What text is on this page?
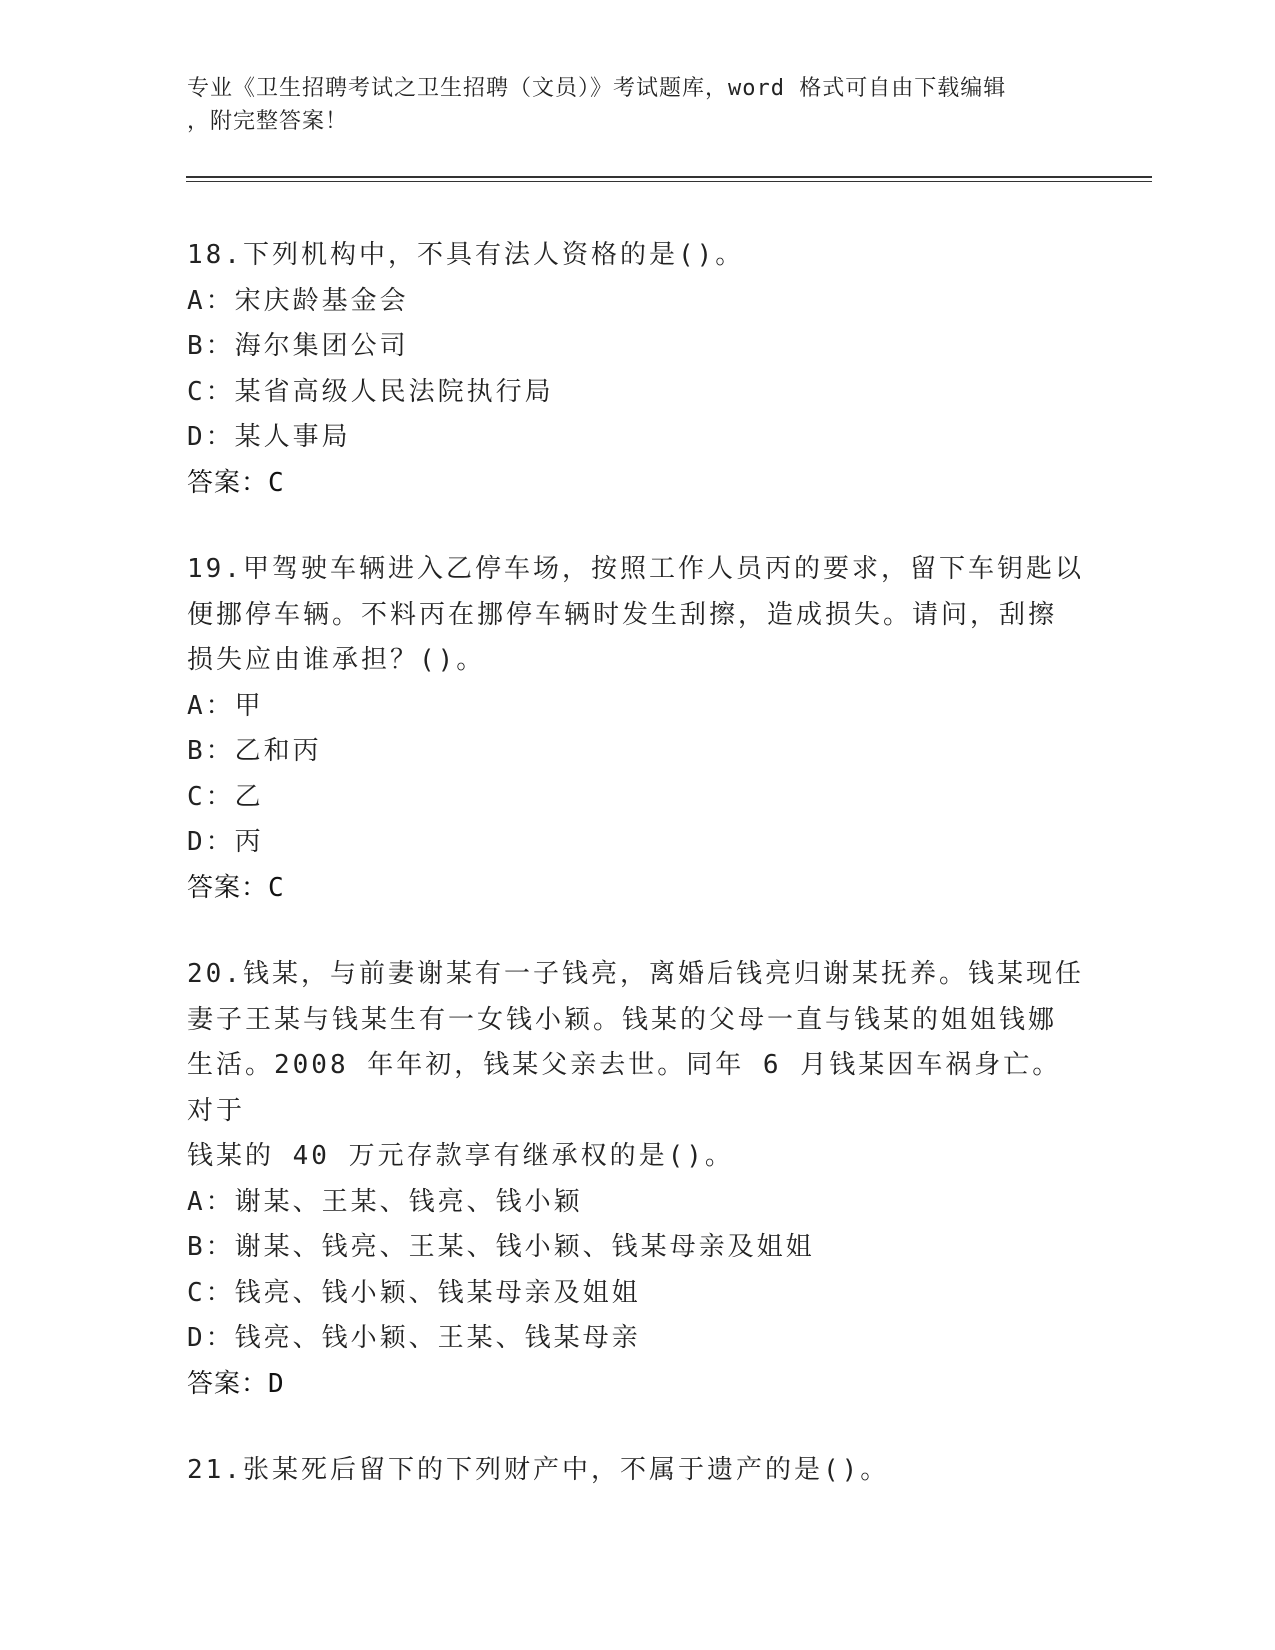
专业《卫生招聘考试之卫生招聘（文员）》考试题库，word 格式可自由下载编辑
，附完整答案！
18.下列机构中，不具有法人资格的是()。
A：宋庆龄基金会
B：海尔集团公司
C：某省高级人民法院执行局
D：某人事局
答案：C
19.甲驾驶车辆进入乙停车场，按照工作人员丙的要求，留下车钥匙以
便挪停车辆。不料丙在挪停车辆时发生刮擦，造成损失。请问，刮擦
损失应由谁承担？()。
A：甲
B：乙和丙
C：乙
D：丙
答案：C
20.钱某，与前妻谢某有一子钱亮，离婚后钱亮归谢某抚养。钱某现任
妻子王某与钱某生有一女钱小颖。钱某的父母一直与钱某的姐姐钱娜
生活。2008 年年初，钱某父亲去世。同年 6 月钱某因车祸身亡。对于
钱某的 40 万元存款享有继承权的是()。
A：谢某、王某、钱亮、钱小颖
B：谢某、钱亮、王某、钱小颖、钱某母亲及姐姐
C：钱亮、钱小颖、钱某母亲及姐姐
D：钱亮、钱小颖、王某、钱某母亲
答案：D
21.张某死后留下的下列财产中，不属于遗产的是()。
